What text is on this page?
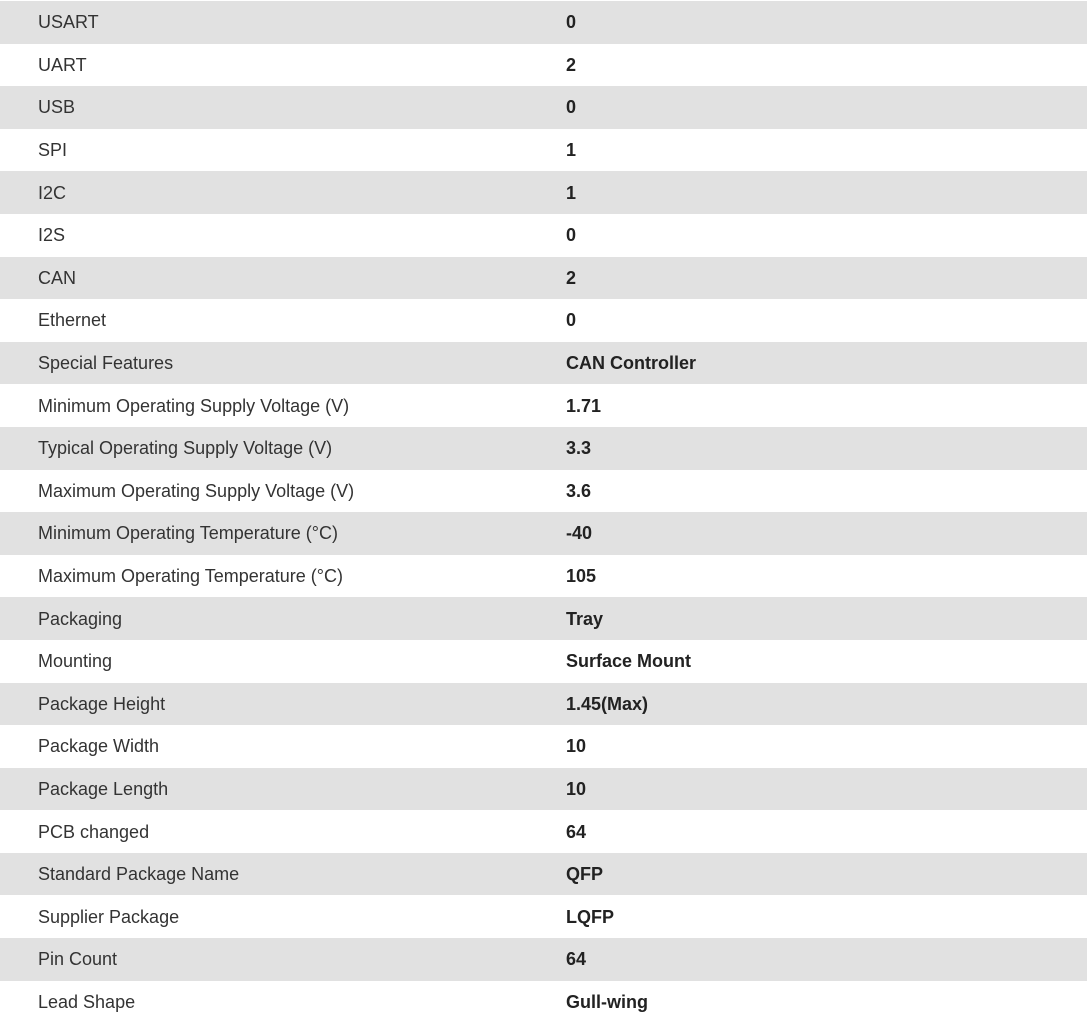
USART	0
UART	2
USB	0
SPI	1
I2C	1
I2S	0
CAN	2
Ethernet	0
Special Features	CAN Controller
Minimum Operating Supply Voltage (V)	1.71
Typical Operating Supply Voltage (V)	3.3
Maximum Operating Supply Voltage (V)	3.6
Minimum Operating Temperature (°C)	-40
Maximum Operating Temperature (°C)	105
Packaging	Tray
Mounting	Surface Mount
Package Height	1.45(Max)
Package Width	10
Package Length	10
PCB changed	64
Standard Package Name	QFP
Supplier Package	LQFP
Pin Count	64
Lead Shape	Gull-wing
